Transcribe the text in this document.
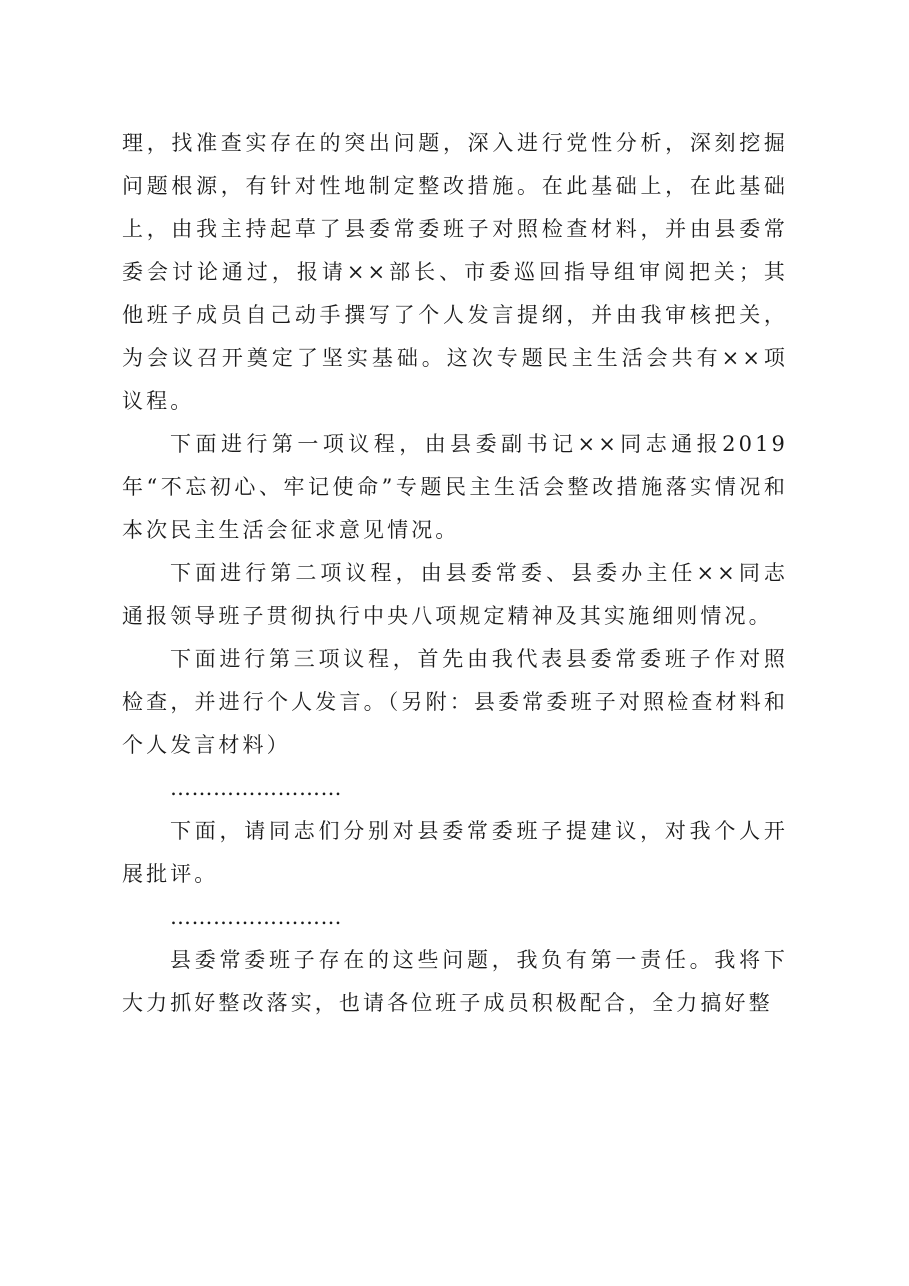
理，找准查实存在的突出问题，深入进行党性分析，深刻挖掘问题根源，有针对性地制定整改措施。在此基础上，在此基础上，由我主持起草了县委常委班子对照检查材料，并由县委常委会讨论通过，报请××部长、市委巡回指导组审阅把关；其他班子成员自己动手撰写了个人发言提纲，并由我审核把关，为会议召开奠定了坚实基础。这次专题民主生活会共有××项议程。

下面进行第一项议程，由县委副书记××同志通报2019年“不忘初心、牢记使命”专题民主生活会整改措施落实情况和本次民主生活会征求意见情况。

下面进行第二项议程，由县委常委、县委办主任××同志通报领导班子贯彻执行中央八项规定精神及其实施细则情况。

下面进行第三项议程，首先由我代表县委常委班子作对照检查，并进行个人发言。（另附：县委常委班子对照检查材料和个人发言材料）

……………………

下面，请同志们分别对县委常委班子提建议，对我个人开展批评。

……………………

县委常委班子存在的这些问题，我负有第一责任。我将下大力抓好整改落实，也请各位班子成员积极配合，全力搞好整
